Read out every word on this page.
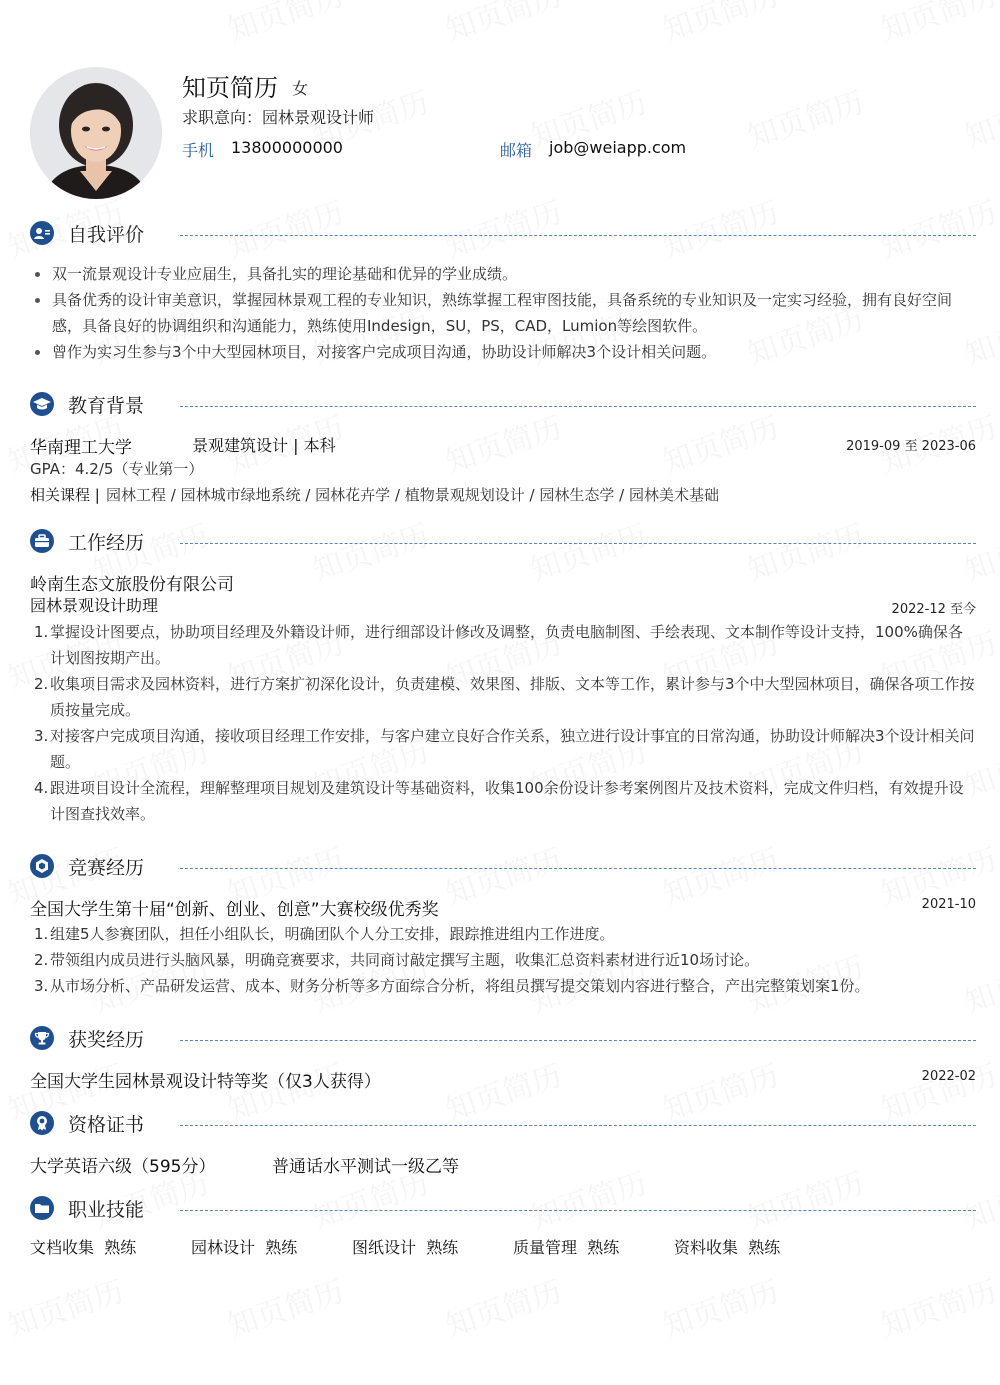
知页简历 女
求职意向：园林景观设计师
手机 13800000000	邮箱 job@weiapp.com
自我评价
双一流景观设计专业应届生，具备扎实的理论基础和优异的学业成绩。
具备优秀的设计审美意识，掌握园林景观工程的专业知识，熟练掌握工程审图技能，具备系统的专业知识及一定实习经验，拥有良好空间感，具备良好的协调组织和沟通能力，熟练使用Indesign，SU，PS，CAD，Lumion等绘图软件。
曾作为实习生参与3个中大型园林项目，对接客户完成项目沟通，协助设计师解决3个设计相关问题。
教育背景
华南理工大学	景观建筑设计 | 本科	2019-09 至 2023-06
GPA：4.2/5（专业第一）
相关课程 | 园林工程 / 园林城市绿地系统 / 园林花卉学 / 植物景观规划设计 / 园林生态学 / 园林美术基础
工作经历
岭南生态文旅股份有限公司
园林景观设计助理	2022-12 至今
1. 掌握设计图要点，协助项目经理及外籍设计师，进行细部设计修改及调整，负责电脑制图、手绘表现、文本制作等设计支持，100%确保各计划图按期产出。
2. 收集项目需求及园林资料，进行方案扩初深化设计，负责建模、效果图、排版、文本等工作，累计参与3个中大型园林项目，确保各项工作按质按量完成。
3. 对接客户完成项目沟通，接收项目经理工作安排，与客户建立良好合作关系，独立进行设计事宜的日常沟通，协助设计师解决3个设计相关问题。
4. 跟进项目设计全流程，理解整理项目规划及建筑设计等基础资料，收集100余份设计参考案例图片及技术资料，完成文件归档，有效提升设计图查找效率。
竞赛经历
全国大学生第十届“创新、创业、创意”大赛校级优秀奖	2021-10
1. 组建5人参赛团队，担任小组队长，明确团队个人分工安排，跟踪推进组内工作进度。
2. 带领组内成员进行头脑风暴，明确竞赛要求，共同商讨敲定撰写主题，收集汇总资料素材进行近10场讨论。
3. 从市场分析、产品研发运营、成本、财务分析等多方面综合分析，将组员撰写提交策划内容进行整合，产出完整策划案1份。
获奖经历
全国大学生园林景观设计特等奖（仅3人获得）	2022-02
资格证书
大学英语六级（595分）	普通话水平测试一级乙等
职业技能
文档收集 熟练	园林设计 熟练	图纸设计 熟练	质量管理 熟练	资料收集 熟练
